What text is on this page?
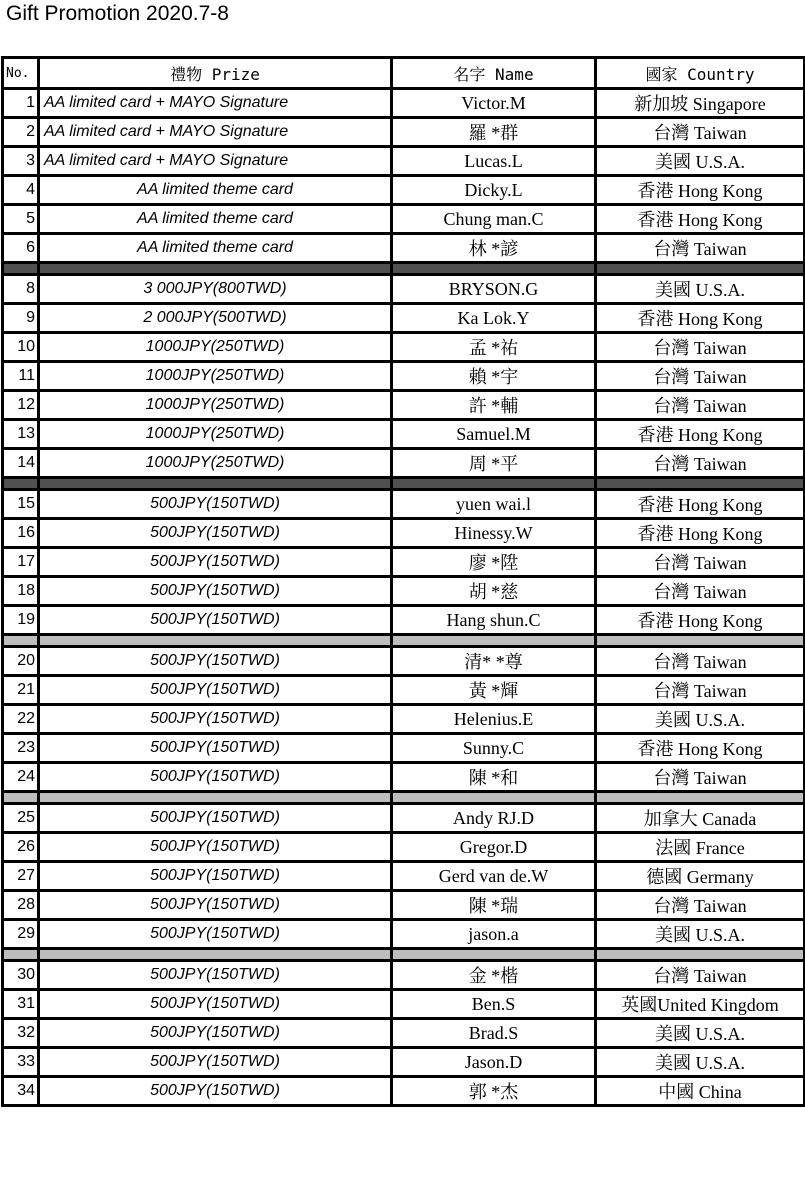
Gift Promotion 2020.7-8
No.	禮物 Prize	名字 Name	國家 Country
1	AA limited card + MAYO Signature	Victor.M	新加坡 Singapore
2	AA limited card + MAYO Signature	羅 *群	台灣 Taiwan
3	AA limited card + MAYO Signature	Lucas.L	美國 U.S.A.
4	AA limited theme card	Dicky.L	香港 Hong Kong
5	AA limited theme card	Chung man.C	香港 Hong Kong
6	AA limited theme card	林 *諺	台灣 Taiwan

8	3 000JPY(800TWD)	BRYSON.G	美國 U.S.A.
9	2 000JPY(500TWD)	Ka Lok.Y	香港 Hong Kong
10	1000JPY(250TWD)	孟 *祐	台灣 Taiwan
11	1000JPY(250TWD)	賴 *宇	台灣 Taiwan
12	1000JPY(250TWD)	許 *輔	台灣 Taiwan
13	1000JPY(250TWD)	Samuel.M	香港 Hong Kong
14	1000JPY(250TWD)	周 *平	台灣 Taiwan

15	500JPY(150TWD)	yuen wai.l	香港 Hong Kong
16	500JPY(150TWD)	Hinessy.W	香港 Hong Kong
17	500JPY(150TWD)	廖 *陞	台灣 Taiwan
18	500JPY(150TWD)	胡 *慈	台灣 Taiwan
19	500JPY(150TWD)	Hang shun.C	香港 Hong Kong

20	500JPY(150TWD)	清* *尊	台灣 Taiwan
21	500JPY(150TWD)	黃 *輝	台灣 Taiwan
22	500JPY(150TWD)	Helenius.E	美國 U.S.A.
23	500JPY(150TWD)	Sunny.C	香港 Hong Kong
24	500JPY(150TWD)	陳 *和	台灣 Taiwan

25	500JPY(150TWD)	Andy RJ.D	加拿大 Canada
26	500JPY(150TWD)	Gregor.D	法國 France
27	500JPY(150TWD)	Gerd van de.W	德國 Germany
28	500JPY(150TWD)	陳 *瑞	台灣 Taiwan
29	500JPY(150TWD)	jason.a	美國 U.S.A.

30	500JPY(150TWD)	金 *楷	台灣 Taiwan
31	500JPY(150TWD)	Ben.S	英國United Kingdom
32	500JPY(150TWD)	Brad.S	美國 U.S.A.
33	500JPY(150TWD)	Jason.D	美國 U.S.A.
34	500JPY(150TWD)	郭 *杰	中國 China
